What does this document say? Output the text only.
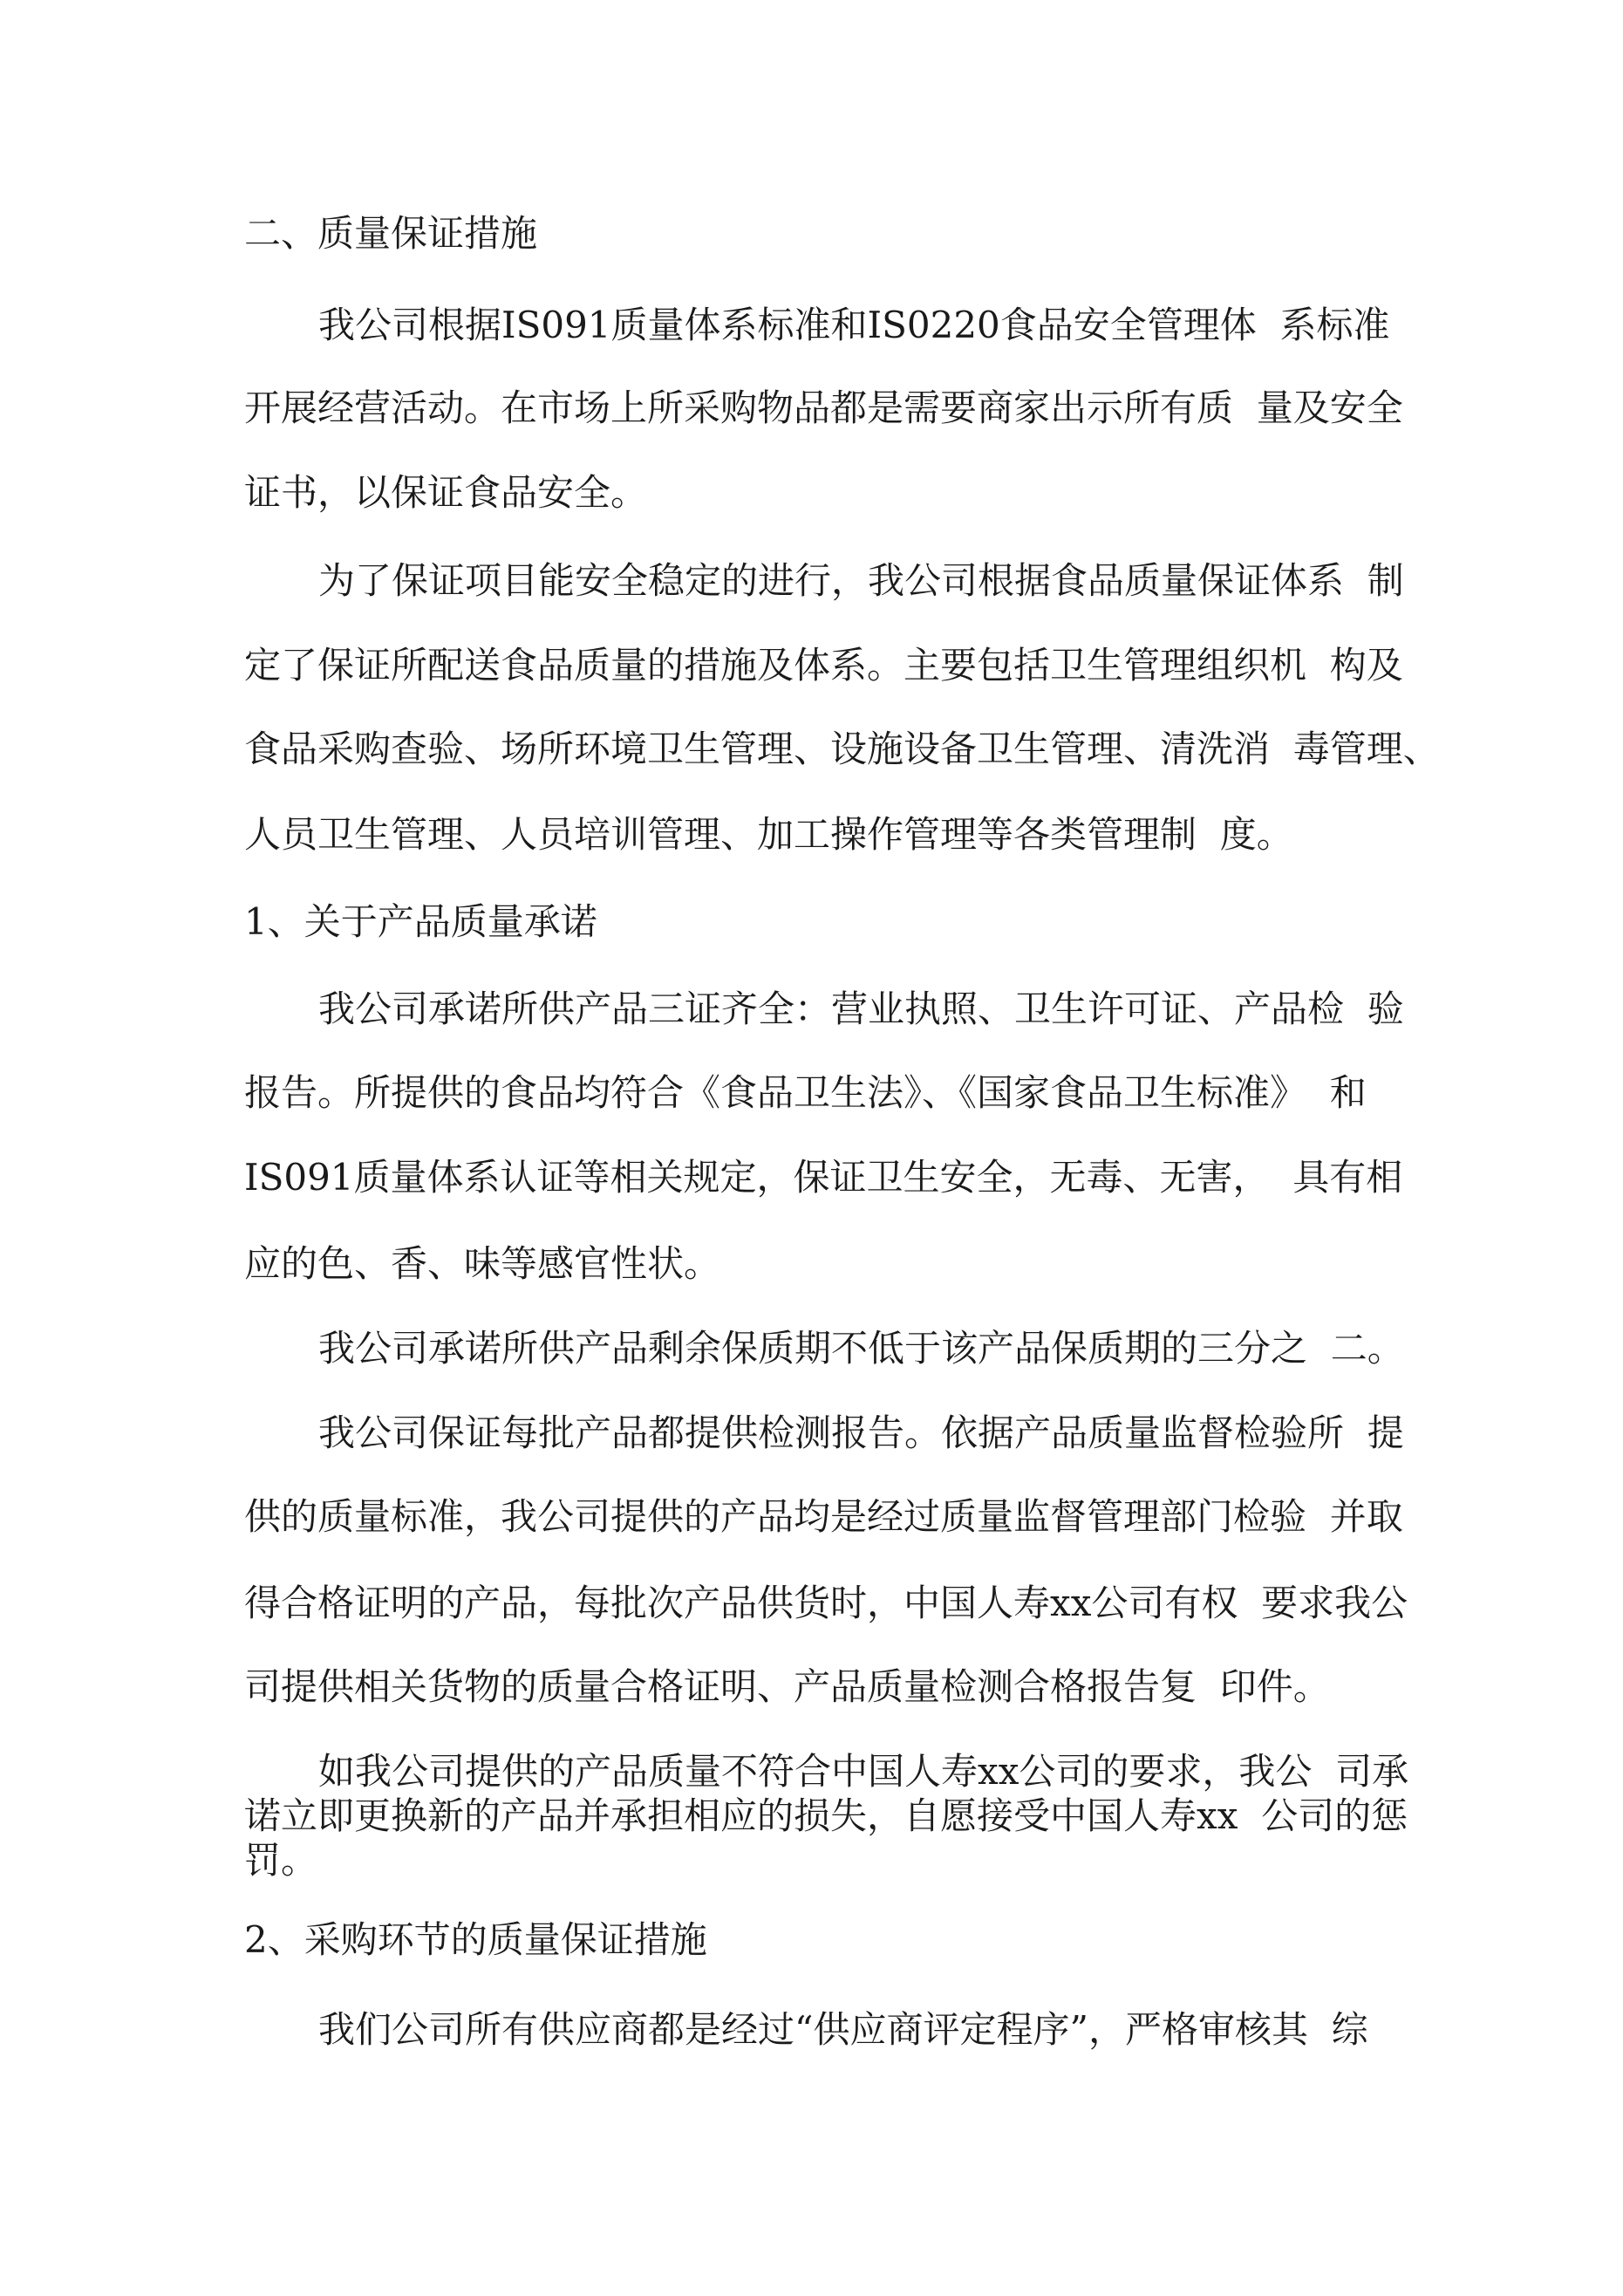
二、质量保证措施
我公司根据IS091质量体系标准和IS0220食品安全管理体  系标准
开展经营活动。在市场上所采购物品都是需要商家出示所有质  量及安全
证书，以保证食品安全。
为了保证项目能安全稳定的进行，我公司根据食品质量保证体系  制
定了保证所配送食品质量的措施及体系。主要包括卫生管理组织机  构及
食品采购查验、场所环境卫生管理、设施设备卫生管理、清洗消  毒管理、
人员卫生管理、人员培训管理、加工操作管理等各类管理制  度。
1、关于产品质量承诺
我公司承诺所供产品三证齐全：营业执照、卫生许可证、产品检  验
报告。所提供的食品均符合《食品卫生法》、《国家食品卫生标准》  和
IS091质量体系认证等相关规定，保证卫生安全，无毒、无害，  具有相
应的色、香、味等感官性状。
我公司承诺所供产品剩余保质期不低于该产品保质期的三分之  二。
我公司保证每批产品都提供检测报告。依据产品质量监督检验所  提
供的质量标准，我公司提供的产品均是经过质量监督管理部门检验  并取
得合格证明的产品，每批次产品供货时，中国人寿xx公司有权  要求我公
司提供相关货物的质量合格证明、产品质量检测合格报告复  印件。
如我公司提供的产品质量不符合中国人寿xx公司的要求，我公  司承
诺立即更换新的产品并承担相应的损失，自愿接受中国人寿xx  公司的惩
罚。
2、采购环节的质量保证措施
我们公司所有供应商都是经过“供应商评定程序”，严格审核其  综
